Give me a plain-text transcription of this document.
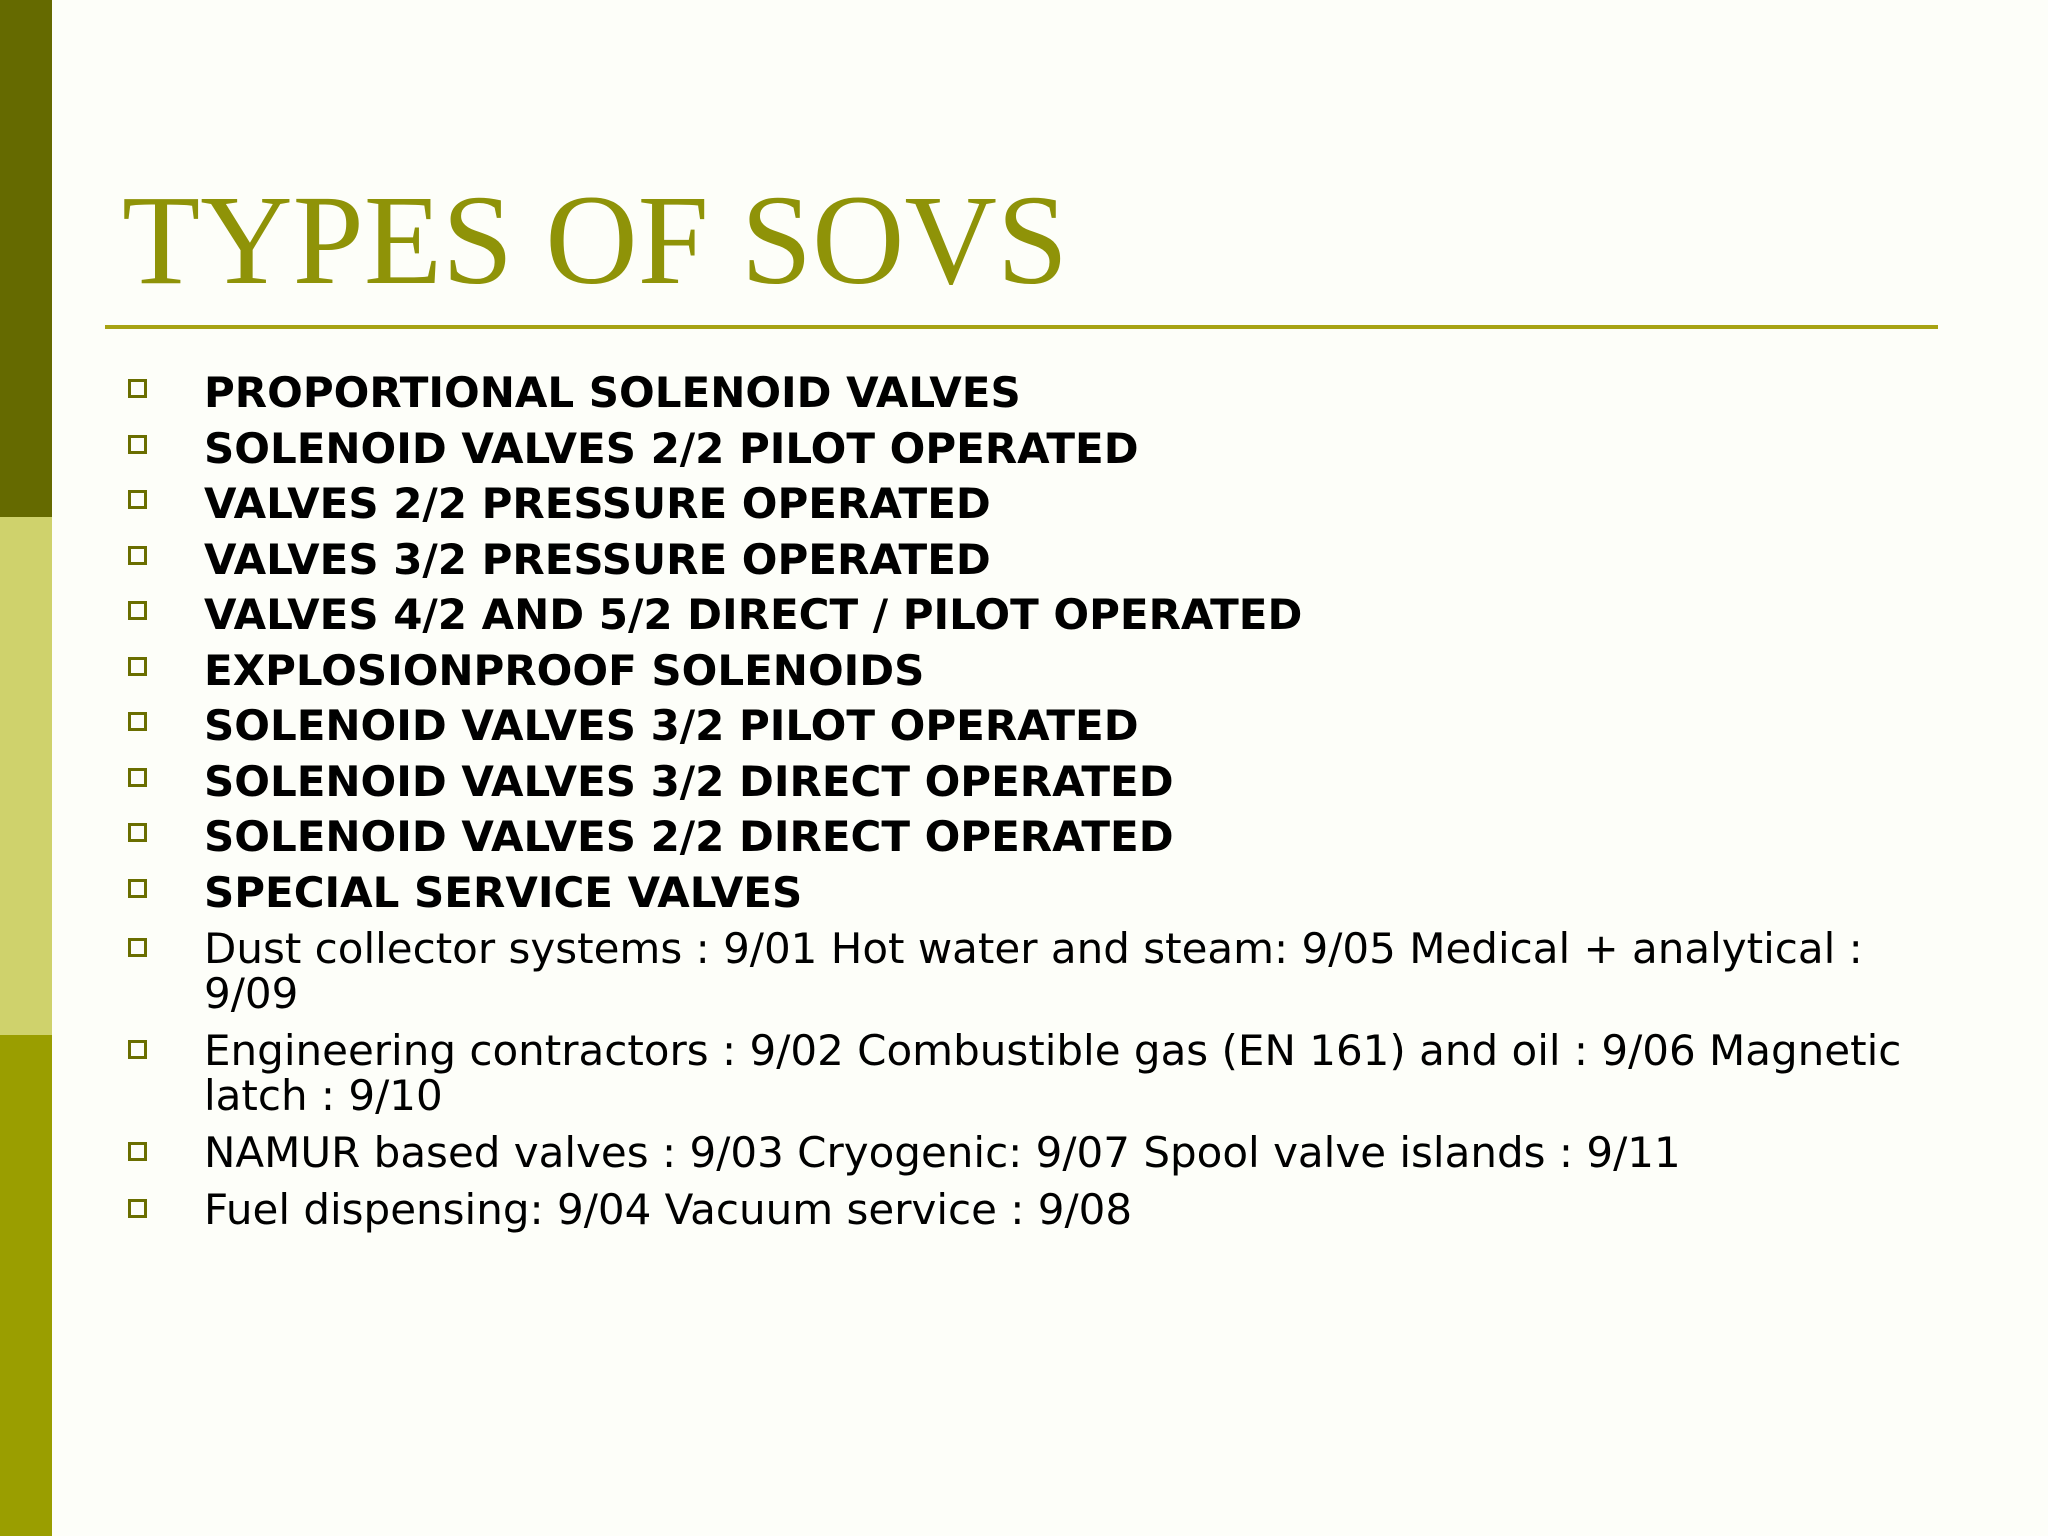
TYPES OF SOVS
PROPORTIONAL SOLENOID VALVES
SOLENOID VALVES 2/2 PILOT OPERATED
VALVES 2/2 PRESSURE OPERATED
VALVES 3/2 PRESSURE OPERATED
VALVES 4/2 AND 5/2 DIRECT / PILOT OPERATED
EXPLOSIONPROOF SOLENOIDS
SOLENOID VALVES 3/2 PILOT OPERATED
SOLENOID VALVES 3/2 DIRECT OPERATED
SOLENOID VALVES 2/2 DIRECT OPERATED
SPECIAL SERVICE VALVES
Dust collector systems : 9/01 Hot water and steam: 9/05 Medical + analytical : 9/09
Engineering contractors : 9/02 Combustible gas (EN 161) and oil : 9/06 Magnetic latch : 9/10
NAMUR based valves : 9/03 Cryogenic: 9/07 Spool valve islands : 9/11
Fuel dispensing: 9/04 Vacuum service : 9/08
